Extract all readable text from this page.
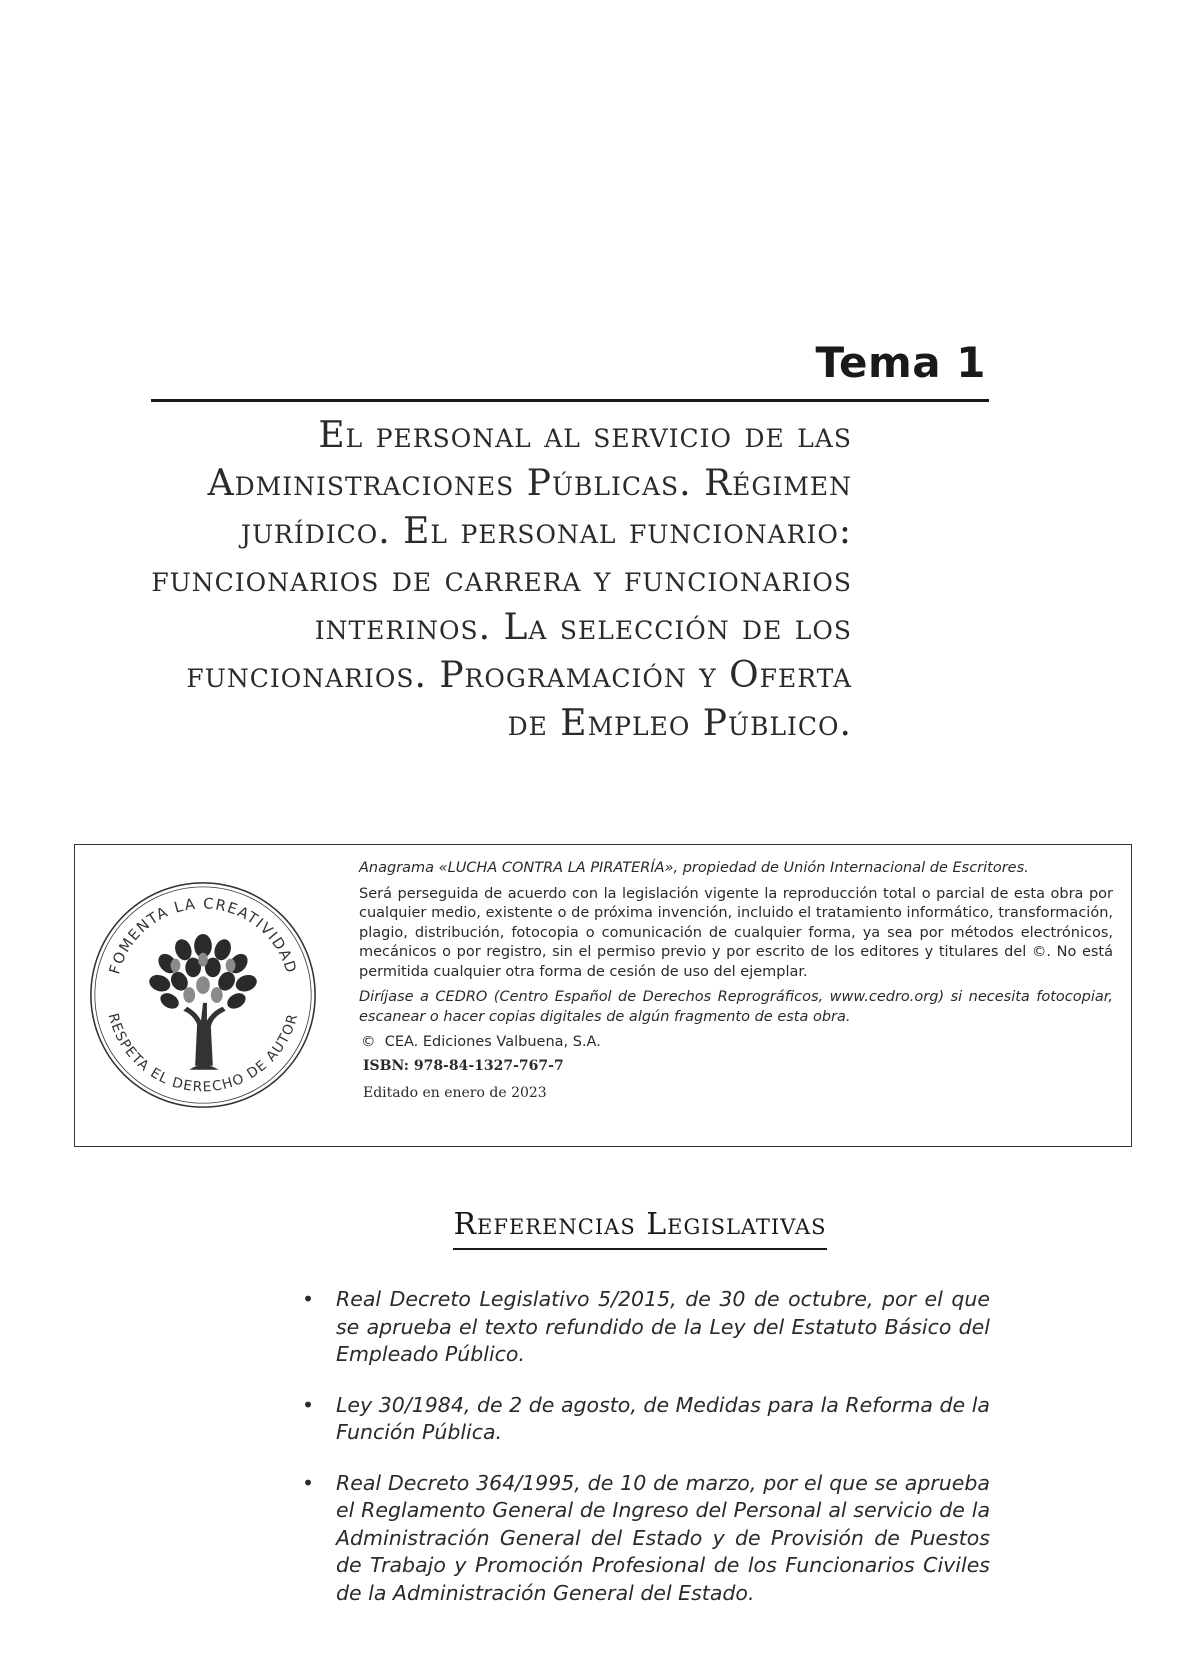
Tema 1
El personal al servicio de las Administraciones Públicas. Régimen jurídico. El personal funcionario: funcionarios de carrera y funcionarios interinos. La selección de los funcionarios. Programación y Oferta de Empleo Público.
FOMENTA LA CREATIVIDAD
RESPETA EL DERECHO DE AUTOR

Anagrama «LUCHA CONTRA LA PIRATERÍA», propiedad de Unión Internacional de Escritores.

Será perseguida de acuerdo con la legislación vigente la reproducción total o parcial de esta obra por cualquier medio, existente o de próxima invención, incluido el tratamiento informático, transformación, plagio, distribución, fotocopia o comunicación de cualquier forma, ya sea por métodos electrónicos, mecánicos o por registro, sin el permiso previo y por escrito de los editores y titulares del ©. No está permitida cualquier otra forma de cesión de uso del ejemplar.

Diríjase a CEDRO (Centro Español de Derechos Reprográficos, www.cedro.org) si necesita fotocopiar, escanear o hacer copias digitales de algún fragmento de esta obra.

© CEA. Ediciones Valbuena, S.A.

ISBN: 978-84-1327-767-7

Editado en enero de 2023

Referencias Legislativas
• Real Decreto Legislativo 5/2015, de 30 de octubre, por el que se aprueba el texto refundido de la Ley del Estatuto Básico del Empleado Público.
• Ley 30/1984, de 2 de agosto, de Medidas para la Reforma de la Función Pública.
• Real Decreto 364/1995, de 10 de marzo, por el que se aprueba el Reglamento General de Ingreso del Personal al servicio de la Administración General del Estado y de Provisión de Puestos de Trabajo y Promoción Profesional de los Funcionarios Civiles de la Administración General del Estado.
